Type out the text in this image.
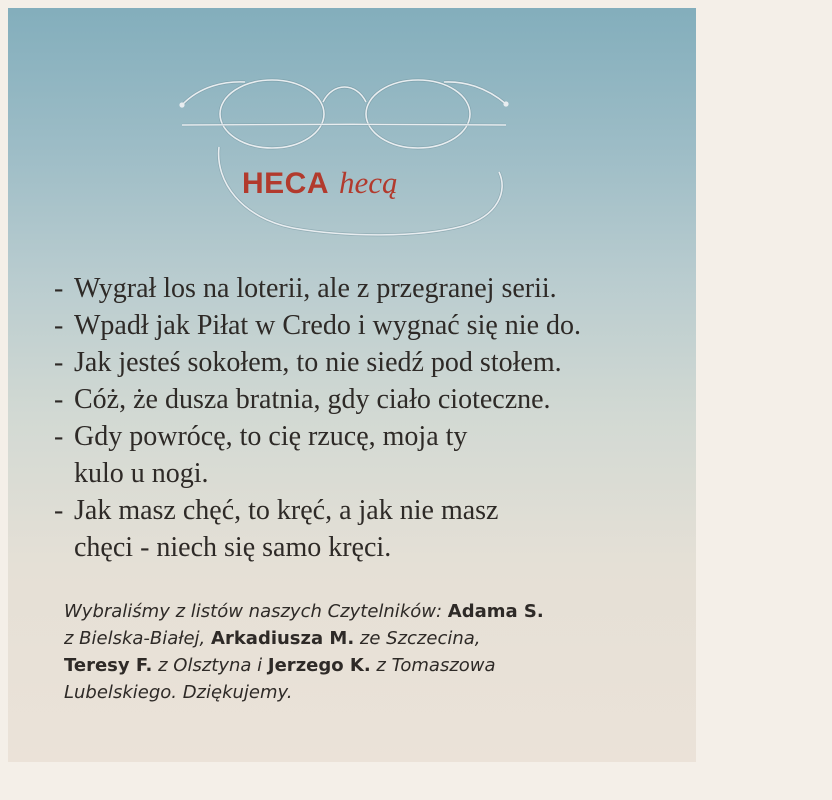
HECA hecą
- Wygrał los na loterii, ale z przegranej serii.
- Wpadł jak Piłat w Credo i wygnać się nie do.
- Jak jesteś sokołem, to nie siedź pod stołem.
- Cóż, że dusza bratnia, gdy ciało cioteczne.
- Gdy powrócę, to cię rzucę, moja ty
kulo u nogi.
- Jak masz chęć, to kręć, a jak nie masz
chęci - niech się samo kręci.
Wybraliśmy z listów naszych Czytelników: Adama S.
z Bielska-Białej, Arkadiusza M. ze Szczecina,
Teresy F. z Olsztyna i Jerzego K. z Tomaszowa
Lubelskiego. Dziękujemy.
